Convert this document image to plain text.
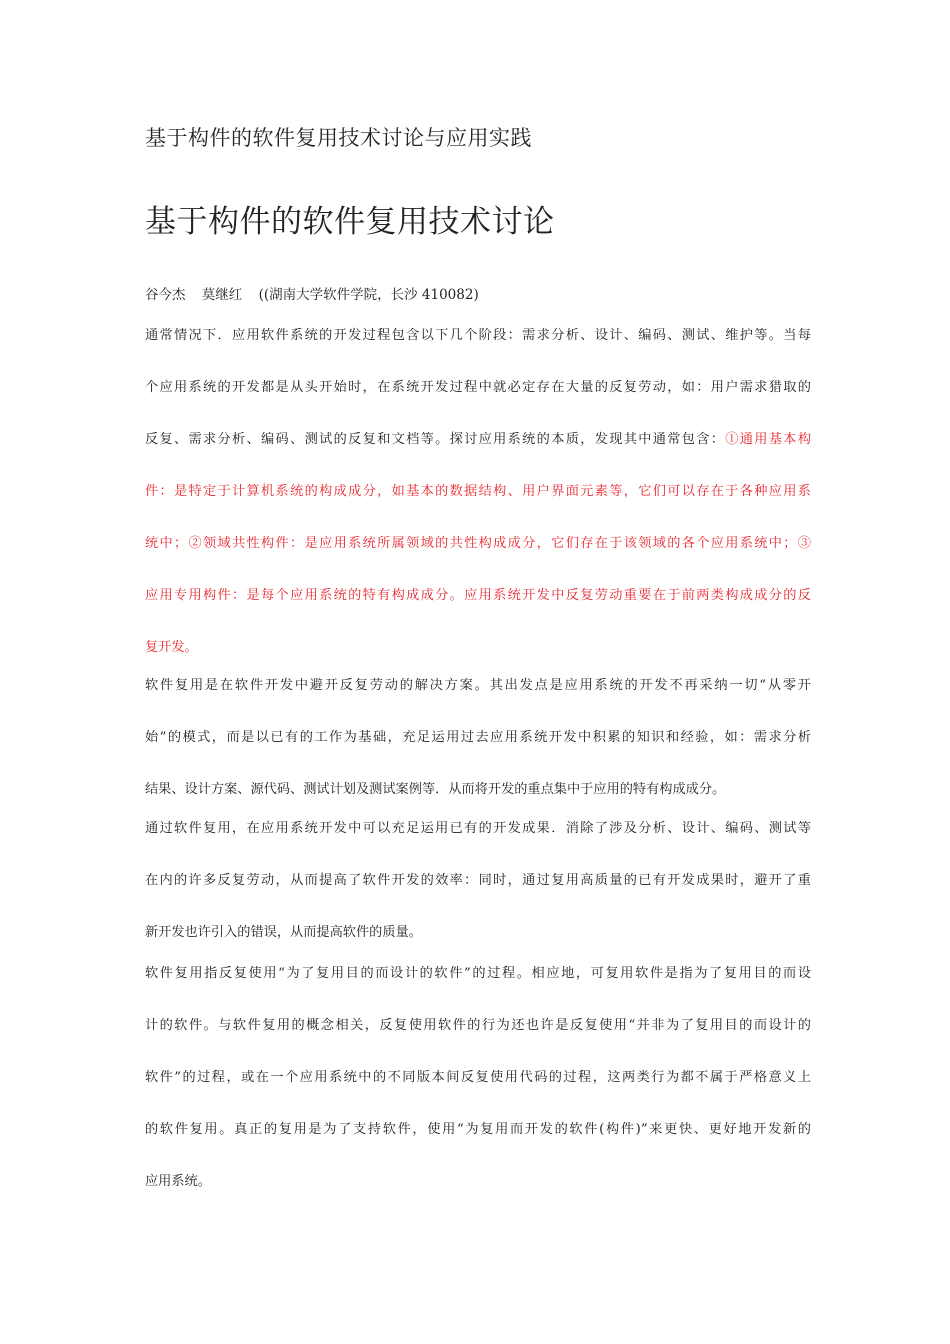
基于构件的软件复用技术讨论与应用实践
基于构件的软件复用技术讨论
谷今杰 莫继红 ((湖南大学软件学院，长沙 410082)
通常情况下．应用软件系统的开发过程包含以下几个阶段：需求分析、设计、编码、测试、维护等。当每
个应用系统的开发都是从头开始时，在系统开发过程中就必定存在大量的反复劳动，如：用户需求猎取的
反复、需求分析、编码、测试的反复和文档等。探讨应用系统的本质，发现其中通常包含：①通用基本构
件：是特定于计算机系统的构成成分，如基本的数据结构、用户界面元素等，它们可以存在于各种应用系
统中；②领域共性构件：是应用系统所属领域的共性构成成分，它们存在于该领域的各个应用系统中；③
应用专用构件：是每个应用系统的特有构成成分。应用系统开发中反复劳动重要在于前两类构成成分的反
复开发。
软件复用是在软件开发中避开反复劳动的解决方案。其出发点是应用系统的开发不再采纳一切“从零开
始”的模式，而是以已有的工作为基础，充足运用过去应用系统开发中积累的知识和经验，如：需求分析
结果、设计方案、源代码、测试计划及测试案例等．从而将开发的重点集中于应用的特有构成成分。
通过软件复用，在应用系统开发中可以充足运用已有的开发成果．消除了涉及分析、设计、编码、测试等
在内的许多反复劳动，从而提高了软件开发的效率：同时，通过复用高质量的已有开发成果时，避开了重
新开发也许引入的错误，从而提高软件的质量。
软件复用指反复使用“为了复用目的而设计的软件”的过程。相应地，可复用软件是指为了复用目的而设
计的软件。与软件复用的概念相关，反复使用软件的行为还也许是反复使用“并非为了复用目的而设计的
软件”的过程，或在一个应用系统中的不同版本间反复使用代码的过程，这两类行为都不属于严格意义上
的软件复用。真正的复用是为了支持软件，使用“为复用而开发的软件(构件)”来更快、更好地开发新的
应用系统。
